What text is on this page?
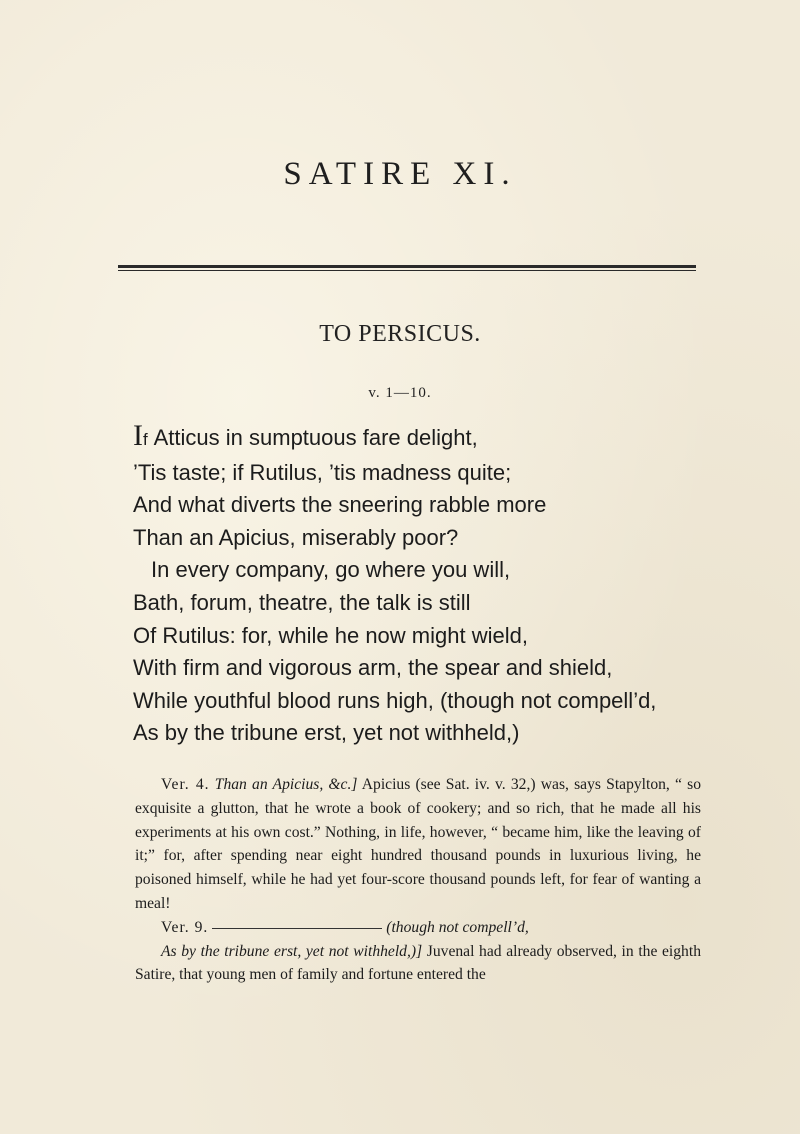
SATIRE XI.
TO PERSICUS.
v. 1—10.
If Atticus in sumptuous fare delight,
’Tis taste; if Rutilus, ’tis madness quite;
And what diverts the sneering rabble more
Than an Apicius, miserably poor?
In every company, go where you will,
Bath, forum, theatre, the talk is still
Of Rutilus: for, while he now might wield,
With firm and vigorous arm, the spear and shield,
While youthful blood runs high, (though not compell’d,
As by the tribune erst, yet not withheld,)

Ver. 4. Than an Apicius, &c.] Apicius (see Sat. iv. v. 32,) was, says Stapylton, “ so exquisite a glutton, that he wrote a book of cookery; and so rich, that he made all his experiments at his own cost.” Nothing, in life, however, “ became him, like the leaving of it;” for, after spending near eight hundred thousand pounds in luxurious living, he poisoned himself, while he had yet four-score thousand pounds left, for fear of wanting a meal!

Ver. 9.	(though not compell’d,
As by the tribune erst, yet not withheld,)] Juvenal had already observed, in the eighth Satire, that young men of family and fortune entered the
